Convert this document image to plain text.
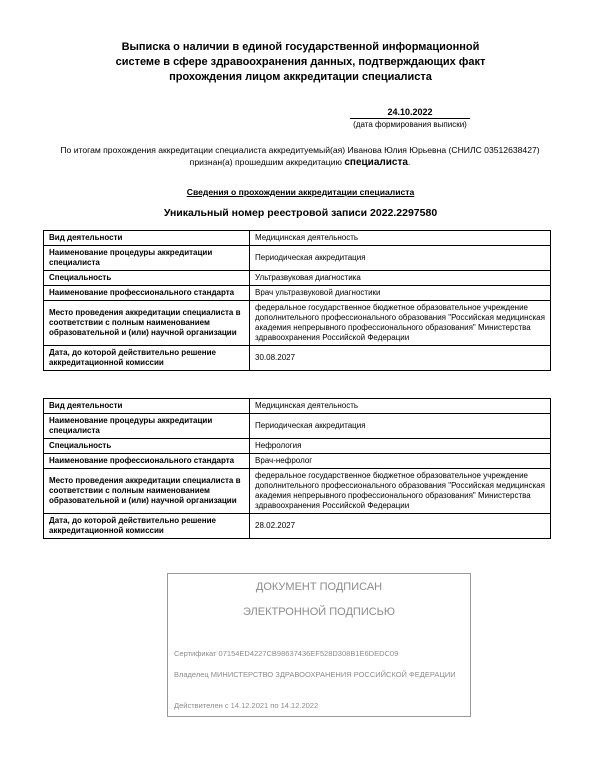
Выписка о наличии в единой государственной информационной
системе в сфере здравоохранения данных, подтверждающих факт
прохождения лицом аккредитации специалиста
24.10.2022
(дата формирования выписки)
По итогам прохождения аккредитации специалиста аккредитуемый(ая) Иванова Юлия Юрьевна (СНИЛС 03512638427)
признан(а) прошедшим аккредитацию специалиста.
Сведения о прохождении аккредитации специалиста
Уникальный номер реестровой записи 2022.2297580
Вид деятельности	Медицинская деятельность
Наименование процедуры аккредитации специалиста	Периодическая аккредитация
Специальность	Ультразвуковая диагностика
Наименование профессионального стандарта	Врач ультразвуковой диагностики
Место проведения аккредитации специалиста в соответствии с полным наименованием образовательной и (или) научной организации	федеральное государственное бюджетное образовательное учреждение дополнительного профессионального образования "Российская медицинская академия непрерывного профессионального образования" Министерства здравоохранения Российской Федерации
Дата, до которой действительно решение аккредитационной комиссии	30.08.2027
Вид деятельности	Медицинская деятельность
Наименование процедуры аккредитации специалиста	Периодическая аккредитация
Специальность	Нефрология
Наименование профессионального стандарта	Врач-нефролог
Место проведения аккредитации специалиста в соответствии с полным наименованием образовательной и (или) научной организации	федеральное государственное бюджетное образовательное учреждение дополнительного профессионального образования "Российская медицинская академия непрерывного профессионального образования" Министерства здравоохранения Российской Федерации
Дата, до которой действительно решение аккредитационной комиссии	28.02.2027
ДОКУМЕНТ ПОДПИСАН
ЭЛЕКТРОННОЙ ПОДПИСЬЮ
Сертификат 07154ED4227CB98637436EF528D308B1E6DEDC09
Владелец МИНИСТЕРСТВО ЗДРАВООХРАНЕНИЯ РОССИЙСКОЙ ФЕДЕРАЦИИ
Действителен с 14.12.2021 по 14.12.2022
